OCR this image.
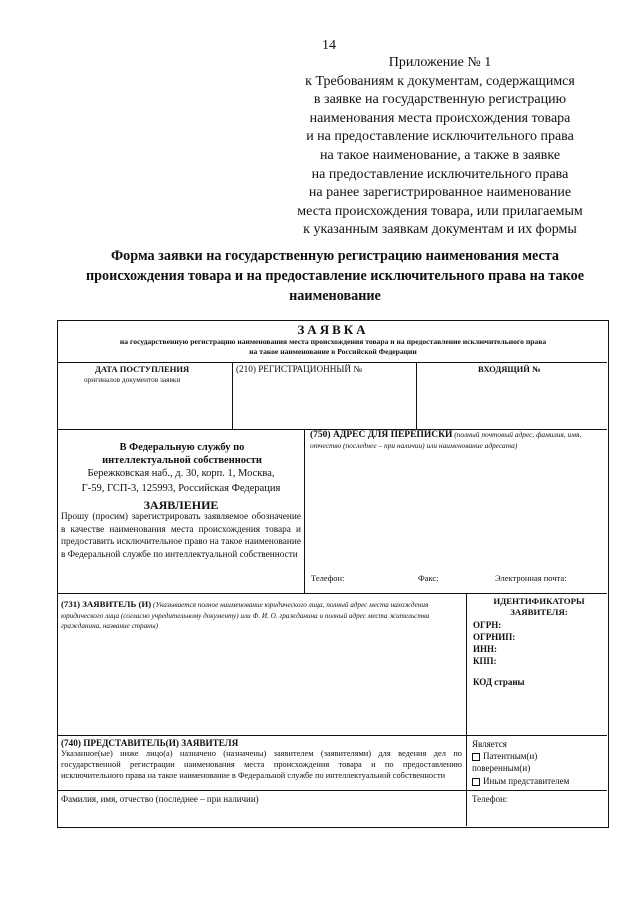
14
Приложение № 1
к Требованиям к документам, содержащимся
в заявке на государственную регистрацию
наименования места происхождения товара
и на предоставление исключительного права
на такое наименование, а также в заявке
на предоставление исключительного права
на ранее зарегистрированное наименование
места происхождения товара, или прилагаемым
к указанным заявкам документам и их формы
Форма заявки на государственную регистрацию наименования места
происхождения товара и на предоставление исключительного права на такое
наименование
ЗАЯВКА
на государственную регистрацию наименования места происхождения товара и на предоставление исключительного права
на такое наименование в Российской Федерации
ДАТА ПОСТУПЛЕНИЯ
оригиналов документов заявки
(210) РЕГИСТРАЦИОННЫЙ №	ВХОДЯЩИЙ №
В Федеральную службу по
интеллектуальной собственности
Бережковская наб., д. 30, корп. 1, Москва,
Г-59, ГСП-3, 125993, Российская Федерация
ЗАЯВЛЕНИЕ
Прошу (просим) зарегистрировать заявляемое обозначение в качестве наименования места происхождения товара и предоставить исключительное право на такое наименование в Федеральной службе по интеллектуальной собственности
(750) АДРЕС ДЛЯ ПЕРЕПИСКИ (полный почтовый адрес, фамилия, имя, отчество (последнее – при наличии) или наименование адресата)
Телефон:	Факс:	Электронная почта:
(731) ЗАЯВИТЕЛЬ (И) (Указывается полное наименование юридического лица, полный адрес места нахождения юридического лица (согласно учредительному документу) или Ф. И. О. гражданина и полный адрес места жительства гражданина, название страны)
ИДЕНТИФИКАТОРЫ
ЗАЯВИТЕЛЯ:
ОГРН:
ОГРНИП:
ИНН:
КПП:
КОД страны
(740) ПРЕДСТАВИТЕЛЬ(И) ЗАЯВИТЕЛЯ
Указанное(ые) ниже лицо(а) назначено (назначены) заявителем (заявителями) для ведения дел по государственной регистрации наименования места происхождения товара и по предоставлению исключительного права на такое наименование в Федеральной службе по интеллектуальной собственности
Является
Патентным(и)
поверенным(и)
Иным представителем
Фамилия, имя, отчество (последнее – при наличии)	Телефон:
